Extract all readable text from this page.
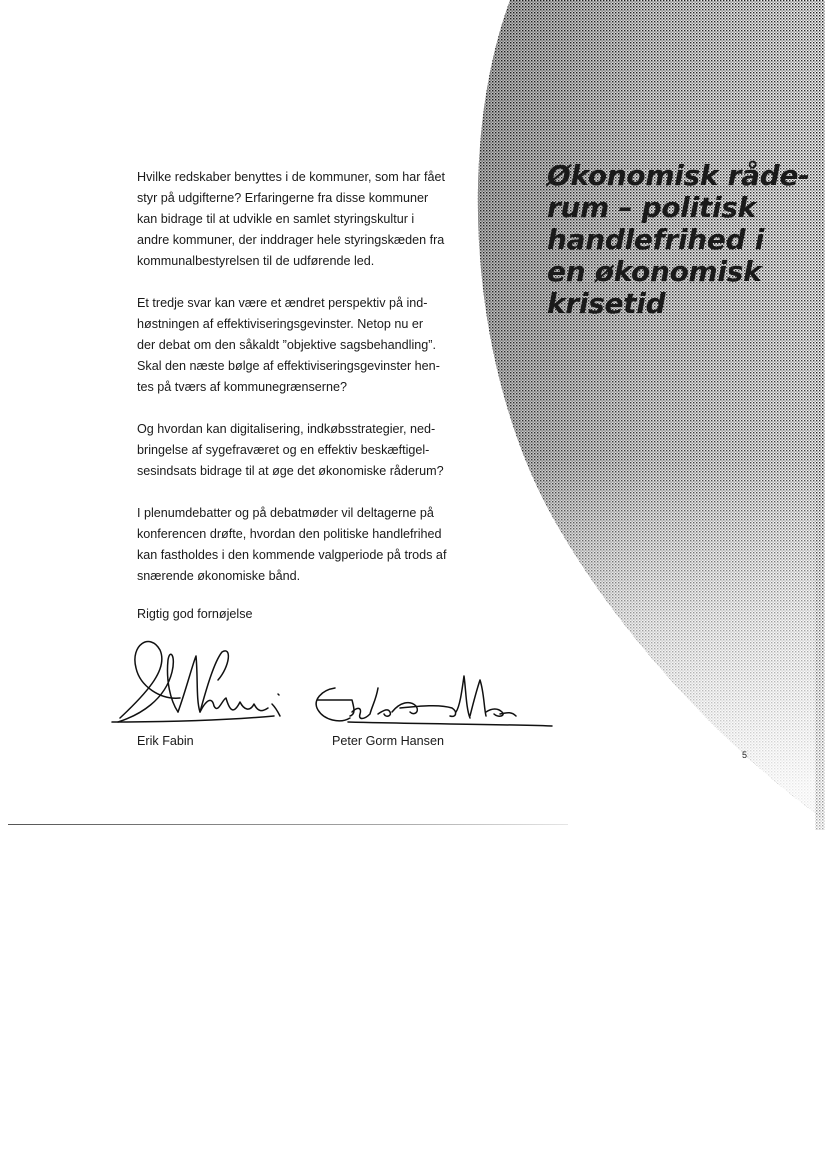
Økonomisk råde-
rum – politisk
handlefrihed i
en økonomisk
krisetid

Hvilke redskaber benyttes i de kommuner, som har fået
styr på udgifterne? Erfaringerne fra disse kommuner
kan bidrage til at udvikle en samlet styringskultur i
andre kommuner, der inddrager hele styringskæden fra
kommunalbestyrelsen til de udførende led.

Et tredje svar kan være et ændret perspektiv på ind-
høstningen af effektiviseringsgevinster. Netop nu er
der debat om den såkaldt ”objektive sagsbehandling”.
Skal den næste bølge af effektiviseringsgevinster hen-
tes på tværs af kommunegrænserne?

Og hvordan kan digitalisering, indkøbsstrategier, ned-
bringelse af sygefraværet og en effektiv beskæftigel-
sesindsats bidrage til at øge det økonomiske råderum?

I plenumdebatter og på debatmøder vil deltagerne på
konferencen drøfte, hvordan den politiske handlefrihed
kan fastholdes i den kommende valgperiode på trods af
snærende økonomiske bånd.

Rigtig god fornøjelse
Erik Fabin	Peter Gorm Hansen
5
